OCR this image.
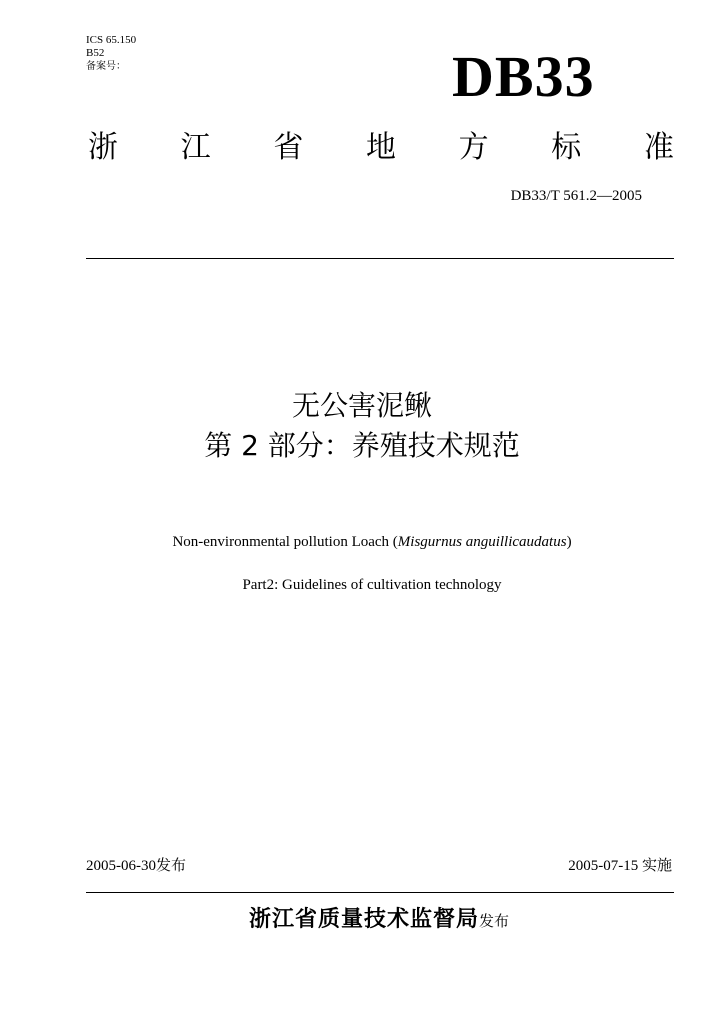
ICS 65.150
B52
备案号：	DB33
浙 江 省 地 方 标 准
DB33/T 561.2—2005
无公害泥鳅
第 2 部分：养殖技术规范
Non-environmental pollution Loach (Misgurnus anguillicaudatus)
Part2: Guidelines of cultivation technology
2005-06-30发布	2005-07-15 实施
浙江省质量技术监督局发布
